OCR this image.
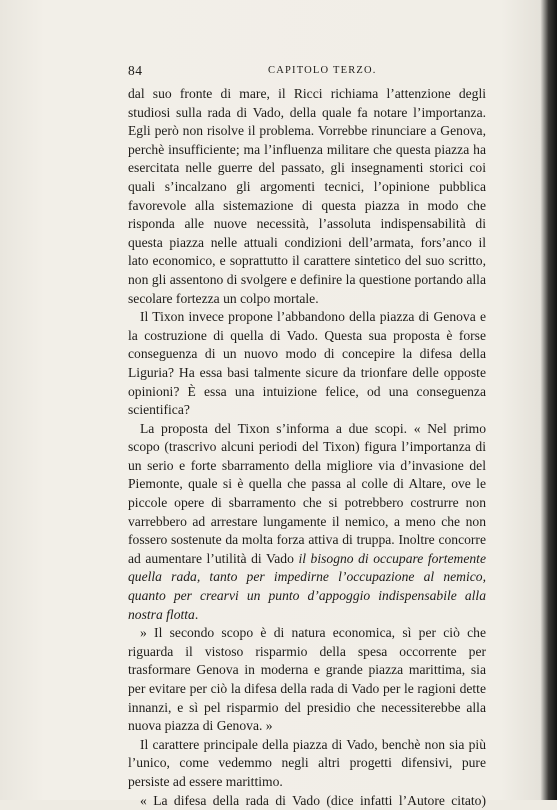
84	CAPITOLO TERZO.

dal suo fronte di mare, il Ricci richiama l’attenzione degli studiosi sulla rada di Vado, della quale fa notare l’importanza. Egli però non risolve il problema. Vorrebbe rinunciare a Genova, perchè insufficiente; ma l’influenza militare che questa piazza ha esercitata nelle guerre del passato, gli insegnamenti storici coi quali s’incalzano gli argomenti tecnici, l’opinione pubblica favorevole alla sistemazione di questa piazza in modo che risponda alle nuove necessità, l’assoluta indispensabilità di questa piazza nelle attuali condizioni dell’armata, fors’anco il lato economico, e soprattutto il carattere sintetico del suo scritto, non gli assentono di svolgere e definire la questione portando alla secolare fortezza un colpo mortale.

Il Tixon invece propone l’abbandono della piazza di Genova e la costruzione di quella di Vado. Questa sua proposta è forse conseguenza di un nuovo modo di concepire la difesa della Liguria? Ha essa basi talmente sicure da trionfare delle opposte opinioni? È essa una intuizione felice, od una conseguenza scientifica?

La proposta del Tixon s’informa a due scopi. « Nel primo scopo (trascrivo alcuni periodi del Tixon) figura l’importanza di un serio e forte sbarramento della migliore via d’invasione del Piemonte, quale si è quella che passa al colle di Altare, ove le piccole opere di sbarramento che si potrebbero costrurre non varrebbero ad arrestare lungamente il nemico, a meno che non fossero sostenute da molta forza attiva di truppa. Inoltre concorre ad aumentare l’utilità di Vado il bisogno di occupare fortemente quella rada, tanto per impedirne l’occupazione al nemico, quanto per crearvi un punto d’appoggio indispensabile alla nostra flotta.

» Il secondo scopo è di natura economica, sì per ciò che riguarda il vistoso risparmio della spesa occorrente per trasformare Genova in moderna e grande piazza marittima, sia per evitare per ciò la difesa della rada di Vado per le ragioni dette innanzi, e sì pel risparmio del presidio che necessiterebbe alla nuova piazza di Genova. »

Il carattere principale della piazza di Vado, benchè non sia più l’unico, come vedemmo negli altri progetti difensivi, pure persiste ad essere marittimo.

« La difesa della rada di Vado (dice infatti l’Autore citato)
